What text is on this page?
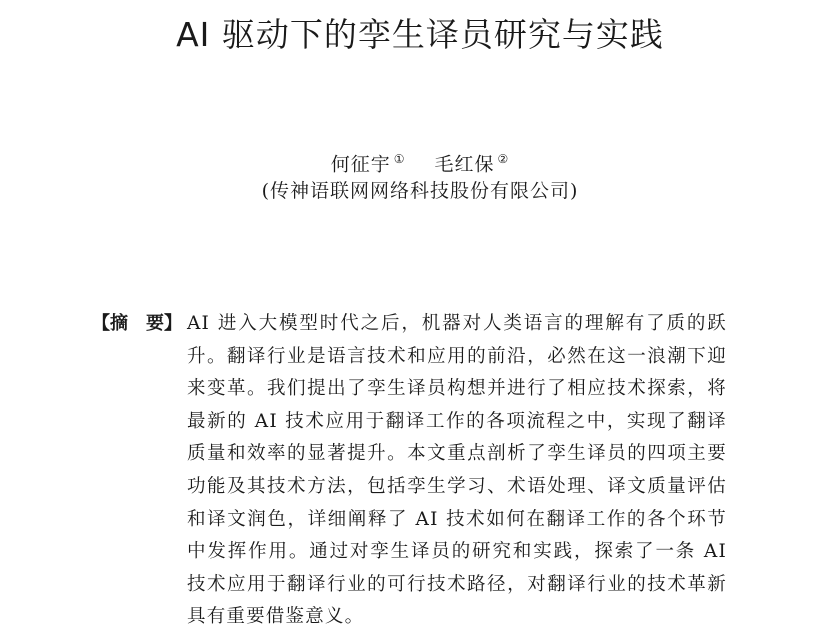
AI 驱动下的孪生译员研究与实践
何征宇 ① 毛红保 ②
(传神语联网网络科技股份有限公司)
【摘　要】 AI 进入大模型时代之后，机器对人类语言的理解有了质的跃升。翻译行业是语言技术和应用的前沿，必然在这一浪潮下迎来变革。我们提出了孪生译员构想并进行了相应技术探索，将最新的 AI 技术应用于翻译工作的各项流程之中，实现了翻译质量和效率的显著提升。本文重点剖析了孪生译员的四项主要功能及其技术方法，包括孪生学习、术语处理、译文质量评估和译文润色，详细阐释了 AI 技术如何在翻译工作的各个环节中发挥作用。通过对孪生译员的研究和实践，探索了一条 AI 技术应用于翻译行业的可行技术路径，对翻译行业的技术革新具有重要借鉴意义。
